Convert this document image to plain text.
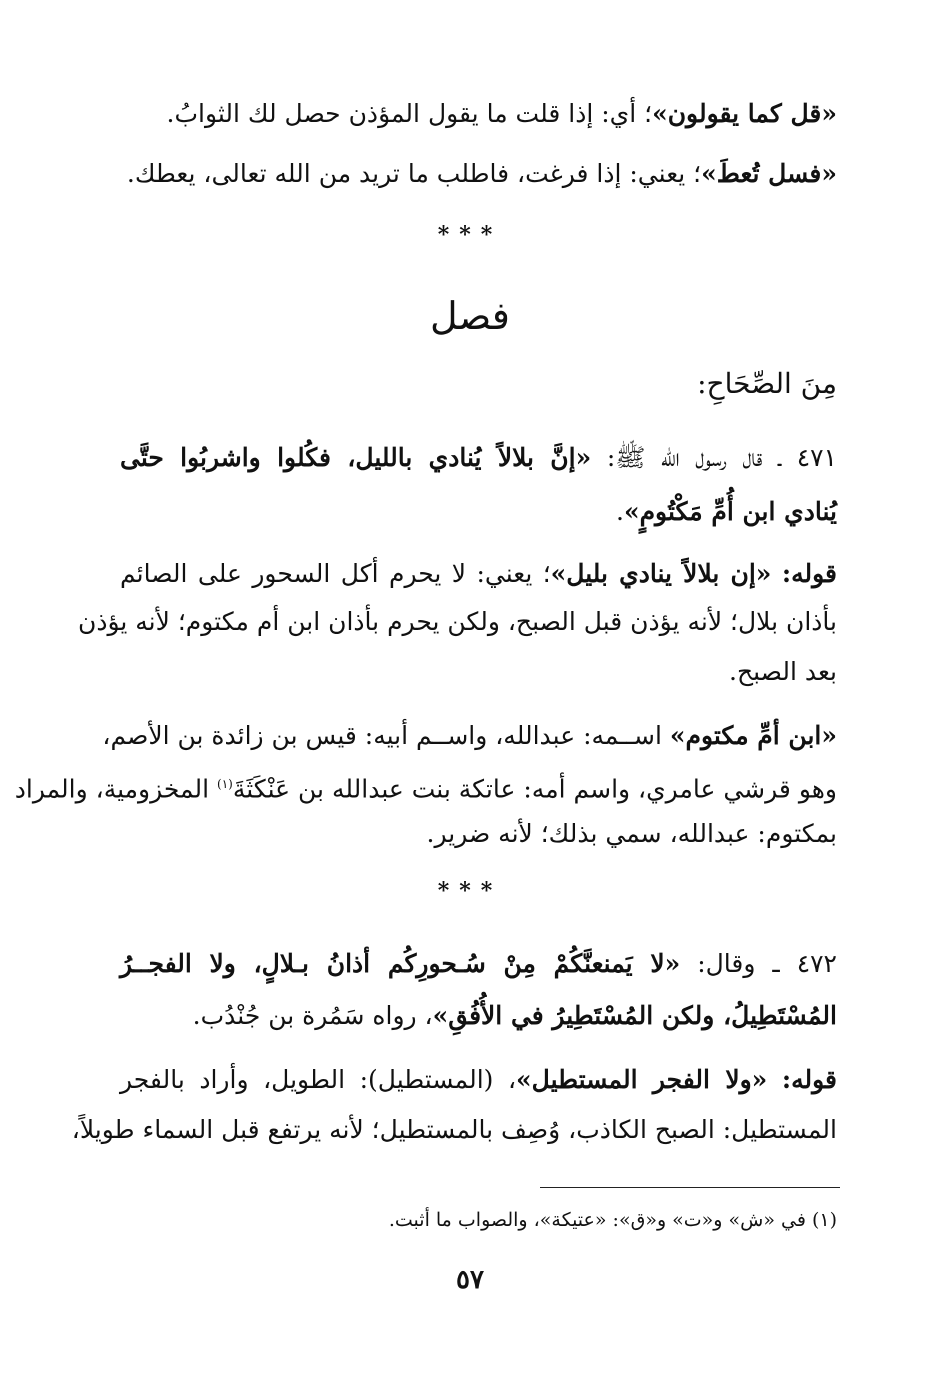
«قل كما يقولون»؛ أي: إذا قلت ما يقول المؤذن حصل لك الثوابُ.
«فسل تُعطَ»؛ يعني: إذا فرغت، فاطلب ما تريد من الله تعالى، يعطك.
***
فصل
مِنَ الصِّحَاحِ:
٤٧١ ـ قال رسول الله ﷺ: «إنَّ بلالاً يُنادي بالليل، فكُلوا واشربُوا حتَّى
يُنادي ابن أُمِّ مَكْتُومٍ».
قوله: «إن بلالاً ينادي بليل»؛ يعني: لا يحرم أكل السحور على الصائم
بأذان بلال؛ لأنه يؤذن قبل الصبح، ولكن يحرم بأذان ابن أم مكتوم؛ لأنه يؤذن
بعد الصبح.
«ابن أمِّ مكتوم» اســمه: عبدالله، واســم أبيه: قيس بن زائدة بن الأصم،
وهو قرشي عامري، واسم أمه: عاتكة بنت عبدالله بن عَنْكَثَةَ$^{(١)}$ المخزومية، والمراد
بمكتوم: عبدالله، سمي بذلك؛ لأنه ضرير.
***
٤٧٢ ـ وقال: «لا يَمنعنَّكُمْ مِنْ سُـحورِكُم أذانُ بـلالٍ، ولا الفجــرُ
المُسْتَطِيلُ، ولكن المُسْتَطِيرُ في الأُفُقِ»، رواه سَمُرة بن جُنْدُب.
قوله: «ولا الفجر المستطيل»، (المستطيل): الطويل، وأراد بالفجر
المستطيل: الصبح الكاذب، وُصِف بالمستطيل؛ لأنه يرتفع قبل السماء طويلاً،
(١) في «ش» و«ت» و«ق»: «عتيكة»، والصواب ما أثبت.
٥٧
